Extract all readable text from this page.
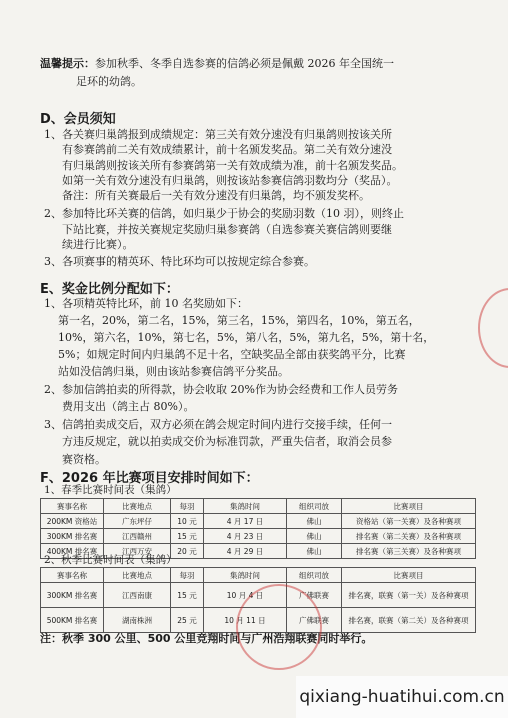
温馨提示：参加秋季、冬季自选参赛的信鸽必须是佩戴 2026 年全国统一
足环的幼鸽。
D、会员须知
1、各关赛归巢鸽报到成绩规定：第三关有效分速没有归巢鸽则按该关所
有参赛鸽前二关有效成绩累计，前十名颁发奖品。第二关有效分速没
有归巢鸽则按该关所有参赛鸽第一关有效成绩为准，前十名颁发奖品。
如第一关有效分速没有归巢鸽，则按该站参赛信鸽羽数均分（奖品）。
备注：所有关赛最后一关有效分速没有归巢鸽，均不颁发奖杯。
2、参加特比环关赛的信鸽，如归巢少于协会的奖励羽数（10 羽），则终止
下站比赛，并按关赛规定奖励归巢参赛鸽（自选参赛关赛信鸽则要继
续进行比赛）。
3、各项赛事的精英环、特比环均可以按规定综合参赛。
E、奖金比例分配如下：
1、各项精英特比环，前 10 名奖励如下：
第一名，20%，第二名，15%，第三名，15%，第四名，10%，第五名，
10%，第六名，10%，第七名，5%，第八名，5%，第九名，5%，第十名，
5%；如规定时间内归巢鸽不足十名，空缺奖品全部由获奖鸽平分，比赛
站如没信鸽归巢，则由该站参赛信鸽平分奖品。
2、参加信鸽拍卖的所得款，协会收取 20%作为协会经费和工作人员劳务
费用支出（鸽主占 80%）。
3、信鸽拍卖成交后，双方必须在鸽会规定时间内进行交接手续，任何一
方违反规定，就以拍卖成交价为标准罚款，严重失信者，取消会员参
赛资格。
F、2026 年比赛项目安排时间如下：
1、春季比赛时间表（集鸽）
赛事名称	比赛地点	每羽	集鸽时间	组织司放	比赛项目
200KM 资格站	广东坪仔	10 元	4 月 17 日	佛山	资格站（第一关赛）及各种赛项
300KM 排名赛	江西赣州	15 元	4 月 23 日	佛山	排名赛（第二关赛）及各种赛项
400KM 排名赛	江西万安	20 元	4 月 29 日	佛山	排名赛（第三关赛）及各种赛项
2、秋季比赛时间表（集鸽）
赛事名称	比赛地点	每羽	集鸽时间	组织司放	比赛项目
300KM 排名赛	江西南康	15 元	10 月 4 日	广佛联赛	排名赛，联赛（第一关）及各种赛项
500KM 排名赛	湖南株洲	25 元	10 月 11 日	广佛联赛	排名赛，联赛（第二关）及各种赛项
注：秋季 300 公里、500 公里竞翔时间与广州浩翔联赛同时举行。
qixiang-huatihui.com.cn
